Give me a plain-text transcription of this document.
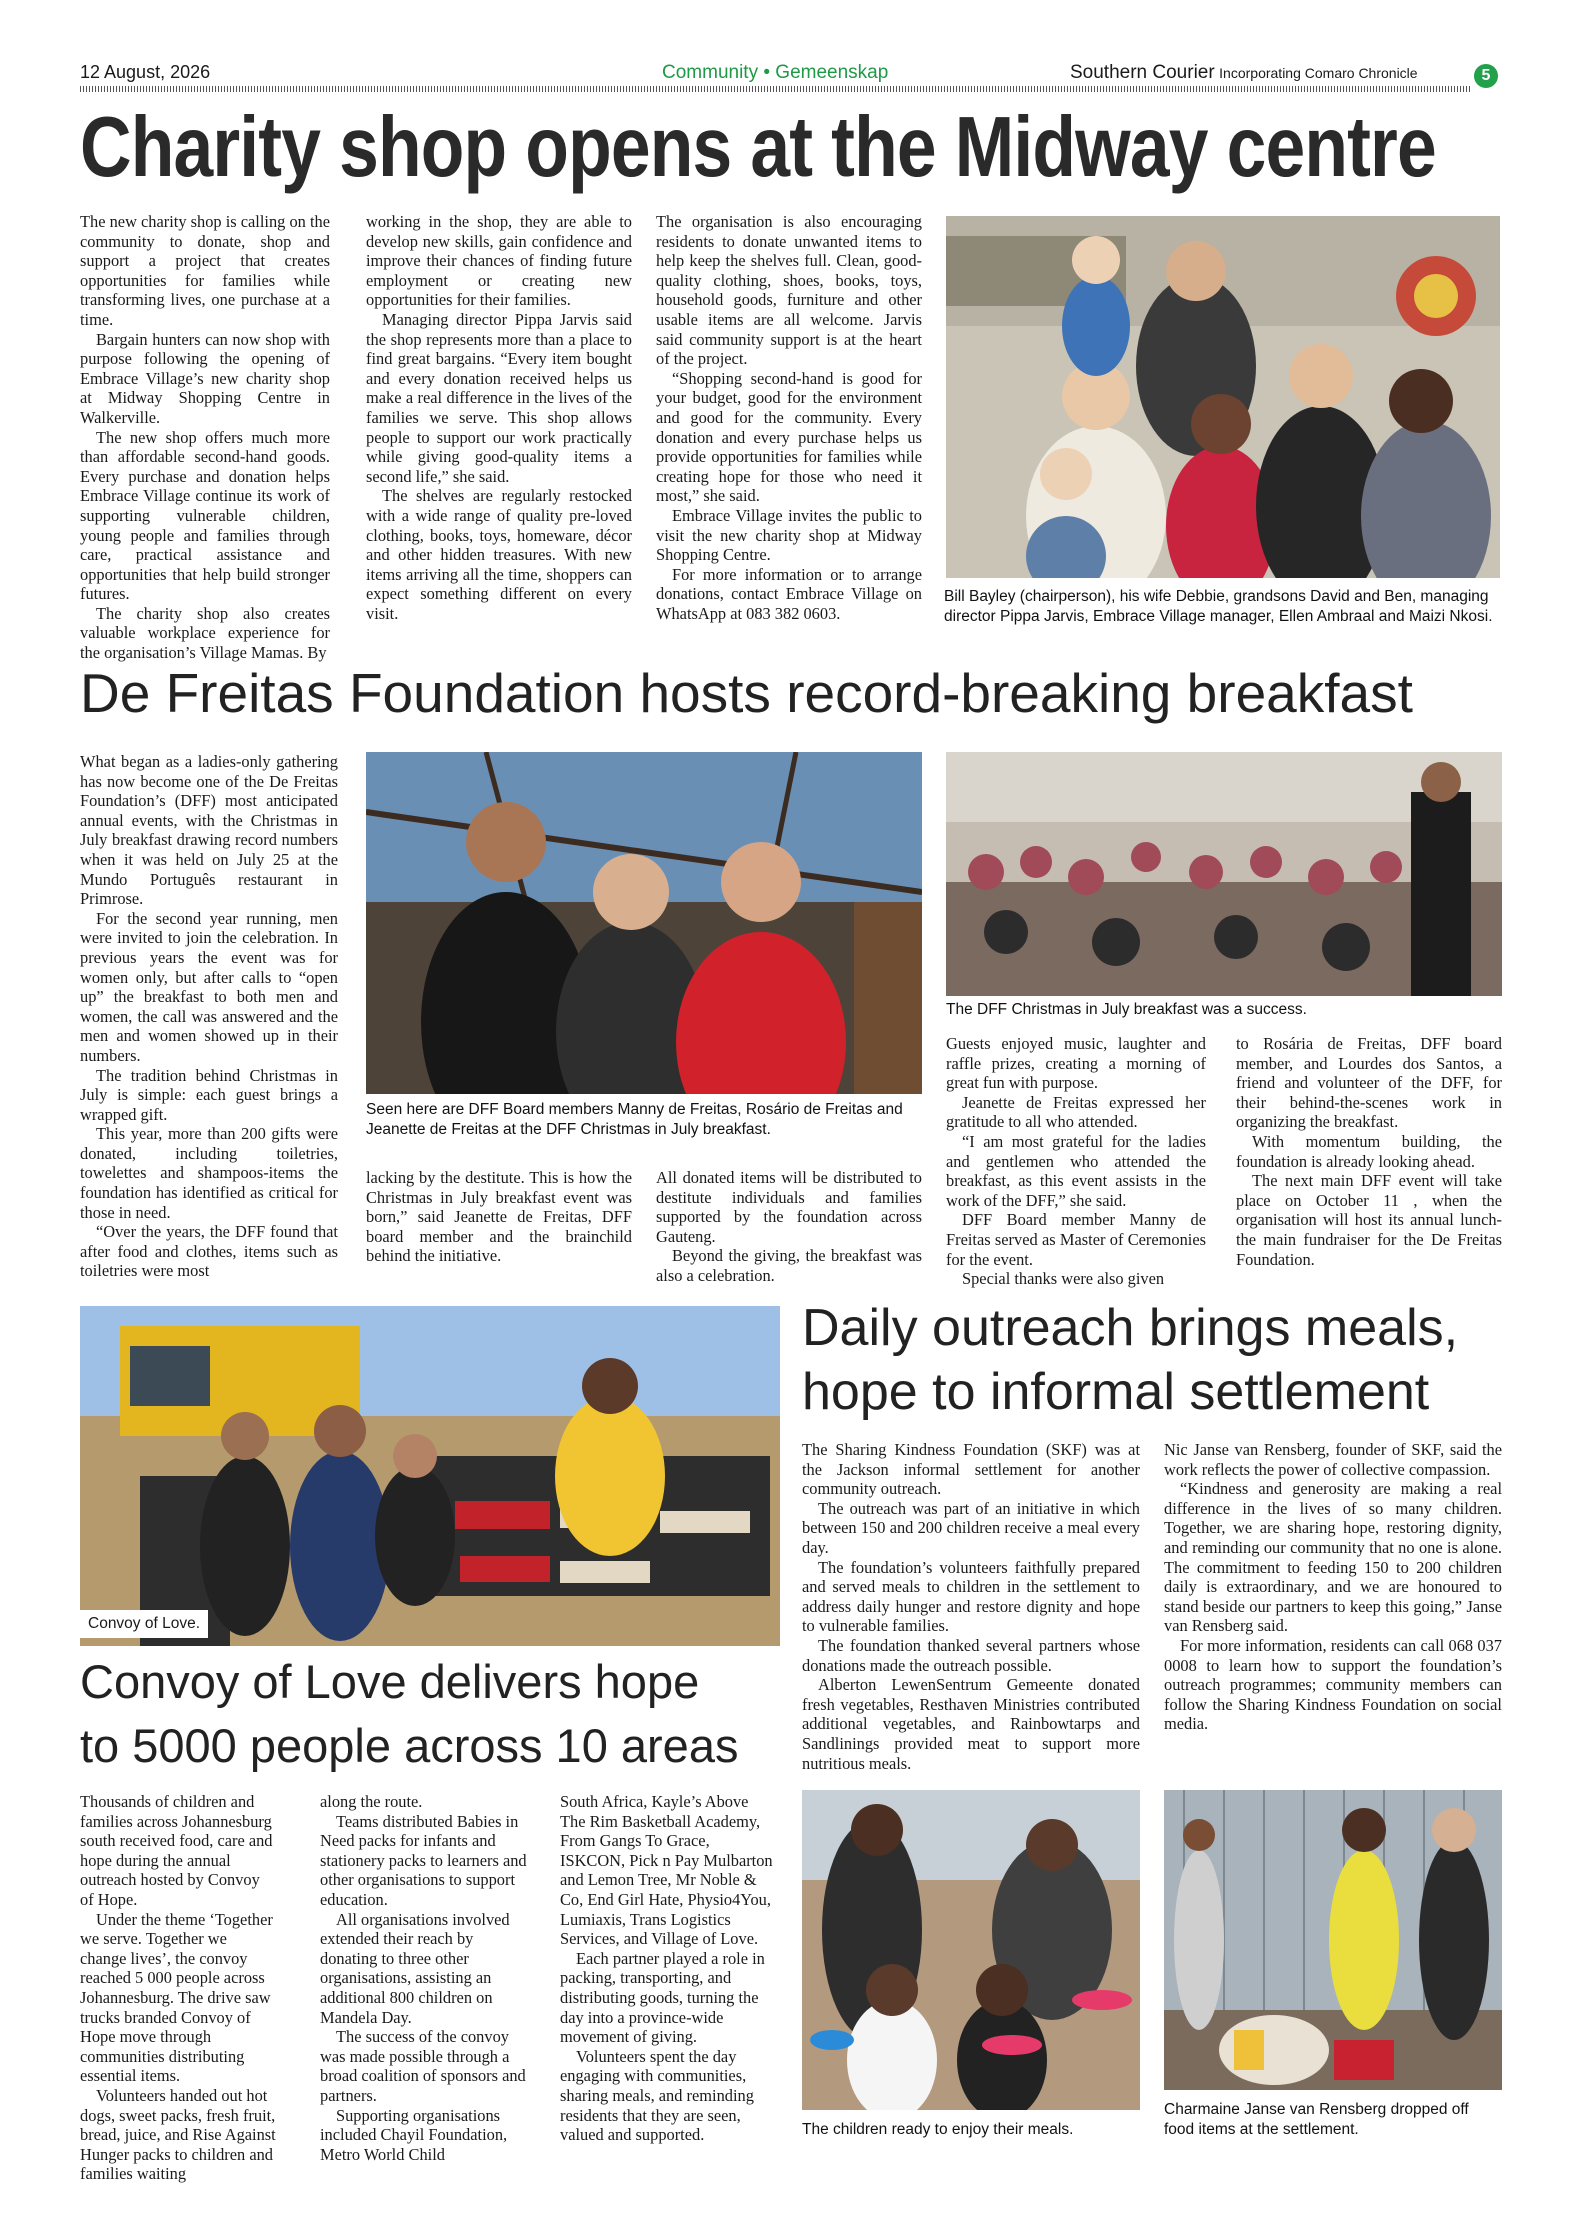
12 August, 2026	Community • Gemeenskap	Southern Courier Incorporating Comaro Chronicle	5
Charity shop opens at the Midway centre

The new charity shop is calling on the community to donate, shop and support a project that creates opportunities for families while transforming lives, one purchase at a time.

Bargain hunters can now shop with purpose following the opening of Embrace Village’s new charity shop at Midway Shopping Centre in Walkerville.

The new shop offers much more than affordable second-hand goods. Every purchase and donation helps Embrace Village continue its work of supporting vulnerable children, young people and families through care, practical assistance and opportunities that help build stronger futures.

The charity shop also creates valuable workplace experience for the organisation’s Village Mamas. By

working in the shop, they are able to develop new skills, gain confidence and improve their chances of finding future employment or creating new opportunities for their families.

Managing director Pippa Jarvis said the shop represents more than a place to find great bargains. “Every item bought and every donation received helps us make a real difference in the lives of the families we serve. This shop allows people to support our work practically while giving good-quality items a second life,” she said.

The shelves are regularly restocked with a wide range of quality pre-loved clothing, books, toys, homeware, décor and other hidden treasures. With new items arriving all the time, shoppers can expect something different on every visit.

The organisation is also encouraging residents to donate unwanted items to help keep the shelves full. Clean, good-quality clothing, shoes, books, toys, household goods, furniture and other usable items are all welcome. Jarvis said community support is at the heart of the project.

“Shopping second-hand is good for your budget, good for the environment and good for the community. Every donation and every purchase helps us provide opportunities for families while creating hope for those who need it most,” she said.

Embrace Village invites the public to visit the new charity shop at Midway Shopping Centre.

For more information or to arrange donations, contact Embrace Village on WhatsApp at 083 382 0603.

Bill Bayley (chairperson), his wife Debbie, grandsons David and Ben, managing director Pippa Jarvis, Embrace Village manager, Ellen Ambraal and Maizi Nkosi.
De Freitas Foundation hosts record-breaking breakfast

What began as a ladies-only gathering has now become one of the De Freitas Foundation’s (DFF) most anticipated annual events, with the Christmas in July breakfast drawing record numbers when it was held on July 25 at the Mundo Português restaurant in Primrose.

For the second year running, men were invited to join the celebration. In previous years the event was for women only, but after calls to “open up” the breakfast to both men and women, the call was answered and the men and women showed up in their numbers.

The tradition behind Christmas in July is simple: each guest brings a wrapped gift.

This year, more than 200 gifts were donated, including toiletries, towelettes and shampoos-items the foundation has identified as critical for those in need.

“Over the years, the DFF found that after food and clothes, items such as toiletries were most

Seen here are DFF Board members Manny de Freitas, Rosário de Freitas and Jeanette de Freitas at the DFF Christmas in July breakfast.

lacking by the destitute. This is how the Christmas in July breakfast event was born,” said Jeanette de Freitas, DFF board member and the brainchild behind the initiative.

All donated items will be distributed to destitute individuals and families supported by the foundation across Gauteng.

Beyond the giving, the breakfast was also a celebration.

The DFF Christmas in July breakfast was a success.

Guests enjoyed music, laughter and raffle prizes, creating a morning of great fun with purpose.

Jeanette de Freitas expressed her gratitude to all who attended.

“I am most grateful for the ladies and gentlemen who attended the breakfast, as this event assists in the work of the DFF,” she said.

DFF Board member Manny de Freitas served as Master of Ceremonies for the event.

Special thanks were also given

to Rosária de Freitas, DFF board member, and Lourdes dos Santos, a friend and volunteer of the DFF, for their behind-the-scenes work in organizing the breakfast.

With momentum building, the foundation is already looking ahead.

The next main DFF event will take place on October 11 , when the organisation will host its annual lunch-the main fundraiser for the De Freitas Foundation.

Convoy of Love.
Convoy of Love delivers hope
to 5000 people across 10 areas

Thousands of children and families across Johannesburg south received food, care and hope during the annual outreach hosted by Convoy of Hope.

Under the theme ‘Together we serve. Together we change lives’, the convoy reached 5 000 people across Johannesburg. The drive saw trucks branded Convoy of Hope move through communities distributing essential items.

Volunteers handed out hot dogs, sweet packs, fresh fruit, bread, juice, and Rise Against Hunger packs to children and families waiting

along the route.

Teams distributed Babies in Need packs for infants and stationery packs to learners and other organisations to support education.

All organisations involved extended their reach by donating to three other organisations, assisting an additional 800 children on Mandela Day.

The success of the convoy was made possible through a broad coalition of sponsors and partners.

Supporting organisations included Chayil Foundation, Metro World Child

South Africa, Kayle’s Above The Rim Basketball Academy, From Gangs To Grace, ISKCON, Pick n Pay Mulbarton and Lemon Tree, Mr Noble & Co, End Girl Hate, Physio4You, Lumiaxis, Trans Logistics Services, and Village of Love.

Each partner played a role in packing, transporting, and distributing goods, turning the day into a province-wide movement of giving.

Volunteers spent the day engaging with communities, sharing meals, and reminding residents that they are seen, valued and supported.

Daily outreach brings meals,
hope to informal settlement

The Sharing Kindness Foundation (SKF) was at the Jackson informal settlement for another community outreach.

The outreach was part of an initiative in which between 150 and 200 children receive a meal every day.

The foundation’s volunteers faithfully prepared and served meals to children in the settlement to address daily hunger and restore dignity and hope to vulnerable families.

The foundation thanked several partners whose donations made the outreach possible.

Alberton LewenSentrum Gemeente donated fresh vegetables, Resthaven Ministries contributed additional vegetables, and Rainbowtarps and Sandlinings provided meat to support more nutritious meals.

Nic Janse van Rensberg, founder of SKF, said the work reflects the power of collective compassion.

“Kindness and generosity are making a real difference in the lives of so many children. Together, we are sharing hope, restoring dignity, and reminding our community that no one is alone. The commitment to feeding 150 to 200 children daily is extraordinary, and we are honoured to stand beside our partners to keep this going,” Janse van Rensberg said.

For more information, residents can call 068 037 0008 to learn how to support the foundation’s outreach programmes; community members can follow the Sharing Kindness Foundation on social media.

The children ready to enjoy their meals.
Charmaine Janse van Rensberg dropped off food items at the settlement.
